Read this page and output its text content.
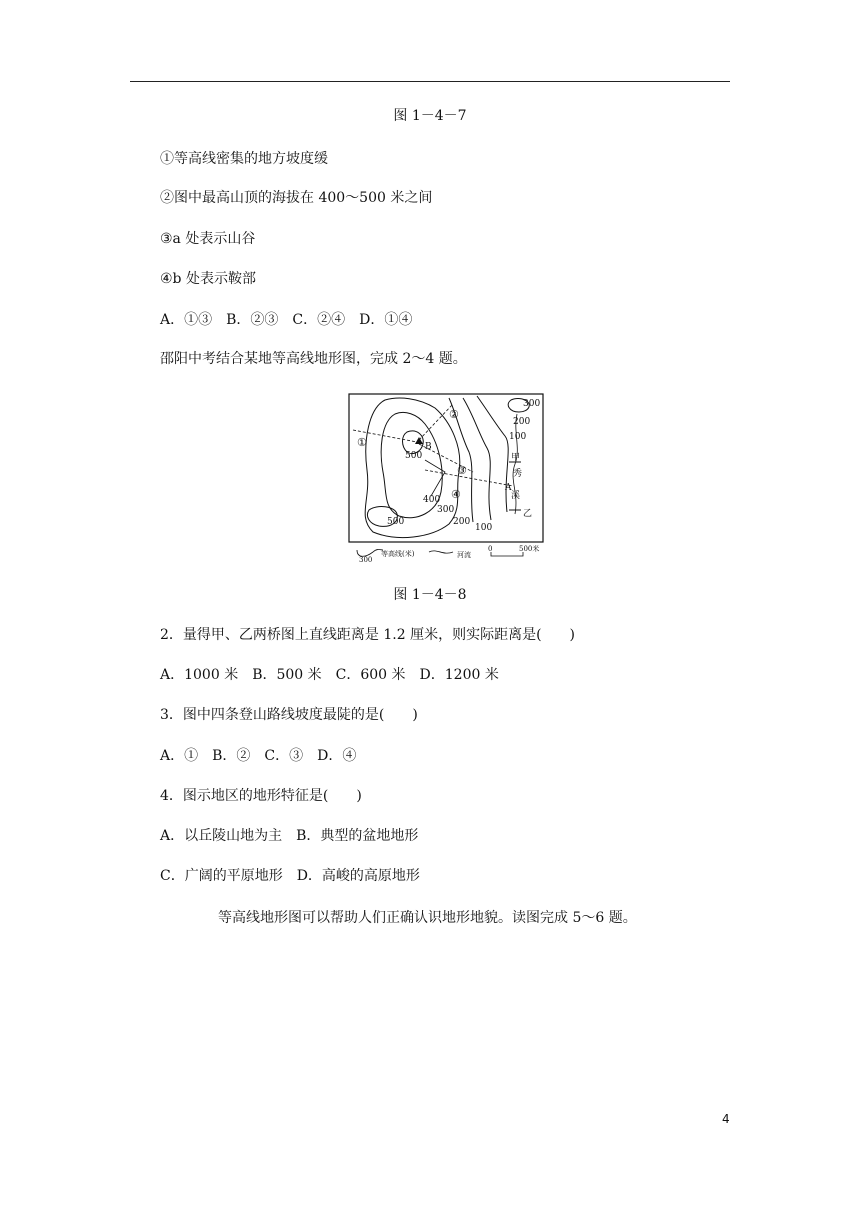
图 1－4－7
①等高线密集的地方坡度缓
②图中最高山顶的海拔在 400～500 米之间
③a 处表示山谷
④b 处表示鞍部
A．①③　B．②③　C．②④　D．①④
邵阳中考结合某地等高线地形图，完成 2～4 题。
300
200
100
①
②
③
④
B
500
A
400
300
200
100
500
甲
秀
溪
乙
300
等高线(米)	河流
0	500米
图 1－4－8
2．量得甲、乙两桥图上直线距离是 1.2 厘米，则实际距离是(　　)
A．1000 米　B．500 米　C．600 米　D．1200 米
3．图中四条登山路线坡度最陡的是(　　)
A．①　B．②　C．③　D．④
4．图示地区的地形特征是(　　)
A．以丘陵山地为主　B．典型的盆地地形
C．广阔的平原地形　D．高峻的高原地形
等高线地形图可以帮助人们正确认识地形地貌。读图完成 5～6 题。
4
